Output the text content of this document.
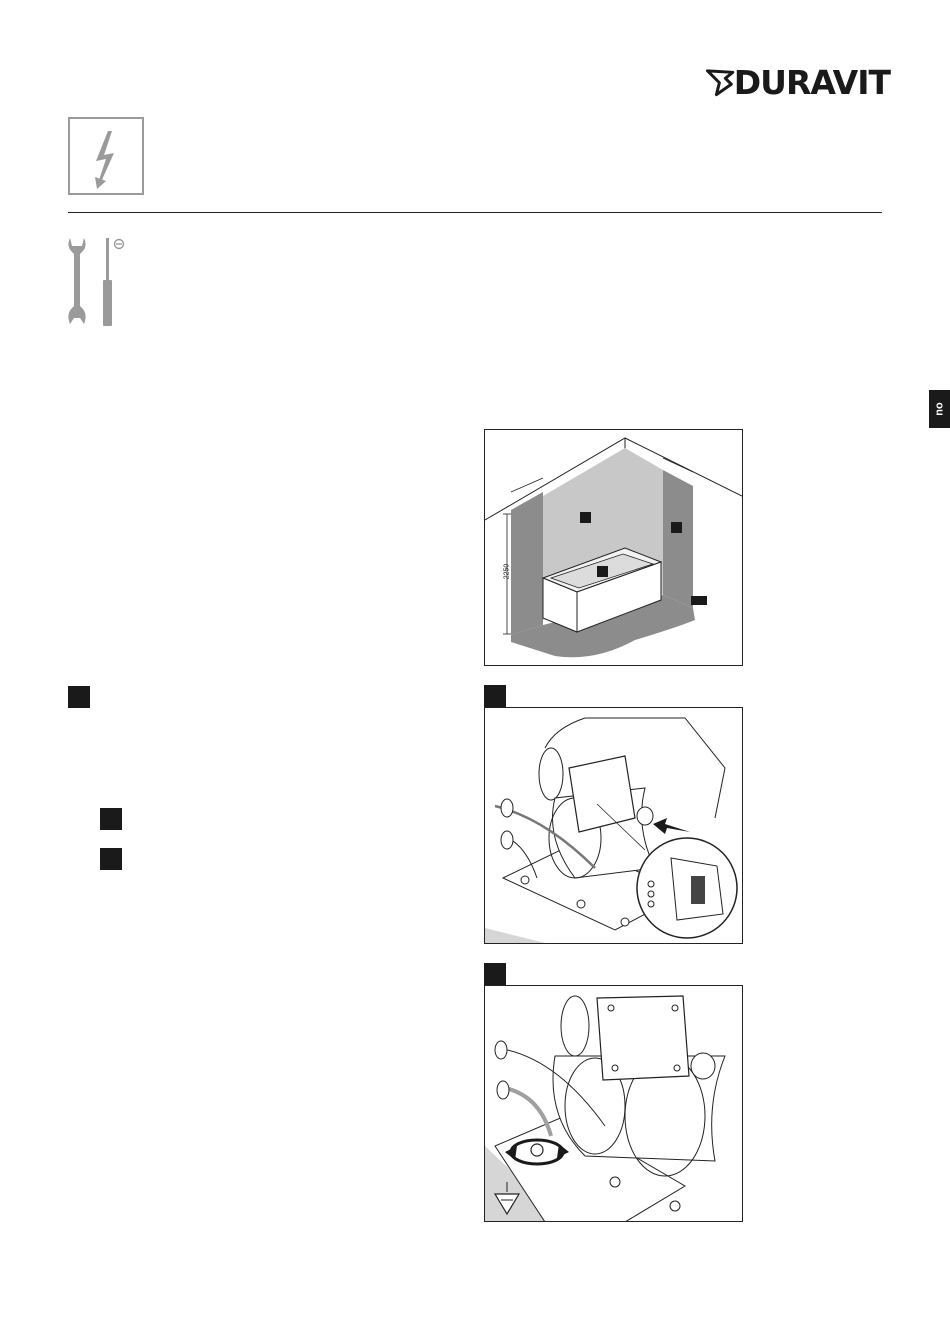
DURAVIT
no
2250
